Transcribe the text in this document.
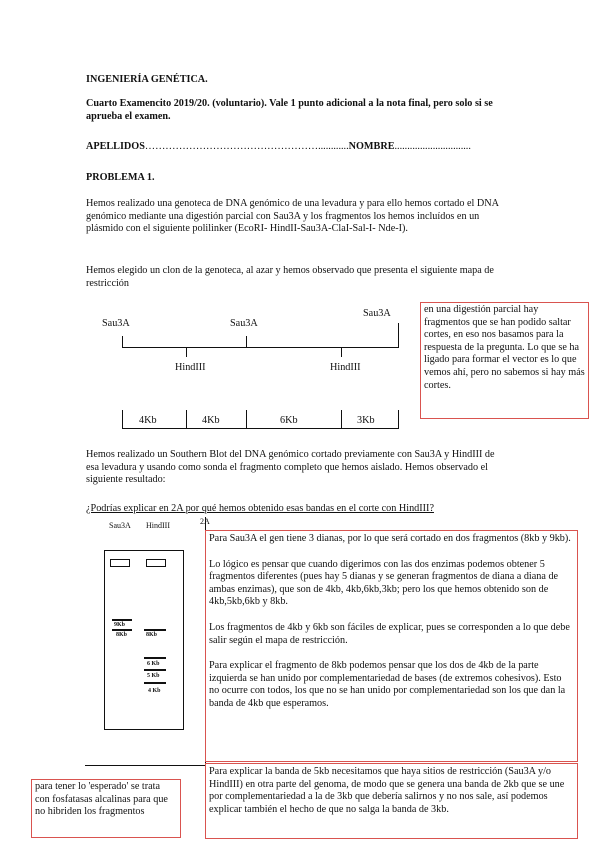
INGENIERÍA GENÉTICA.
Cuarto Examencito 2019/20. (voluntario). Vale 1 punto adicional a la nota final, pero solo si se aprueba el examen.
APELLIDOS……………………………………………............NOMBRE..............................
PROBLEMA 1.
Hemos realizado una genoteca de DNA genómico de una levadura y para ello hemos cortado el DNA genómico mediante una digestión parcial con Sau3A y los fragmentos los hemos incluídos en un plásmido con el siguiente polilinker (EcoRI- HindII-Sau3A-ClaI-Sal-I- Nde-I).
Hemos elegido un clon de la genoteca, al azar y hemos observado que presenta el siguiente mapa de restricción
Sau3A	Sau3A
Sau3A
HindIII	HindIII
4Kb	4Kb	6Kb	3Kb
en una digestión parcial hay fragmentos que se han podido saltar cortes, en eso nos basamos para la respuesta de la pregunta. Lo que se ha ligado para formar el vector es lo que vemos ahí, pero no sabemos si hay más cortes.
Hemos realizado un Southern Blot del DNA genómico cortado previamente con Sau3A y HindIII de esa levadura y usando como sonda el fragmento completo que hemos aislado. Hemos observado el siguiente resultado:
¿Podrías explicar en 2A por qué hemos obtenido esas bandas en el corte con HindIII?
Sau3A HindIII	2A
9Kb
8Kb	8Kb
6 Kb
5 Kb
4 Kb
Para Sau3A el gen tiene 3 dianas, por lo que será cortado en dos fragmentos (8kb y 9kb).
Lo lógico es pensar que cuando digerimos con las dos enzimas podemos obtener 5 fragmentos diferentes (pues hay 5 dianas y se generan fragmentos de diana a diana de ambas enzimas), que son de 4kb, 4kb,6kb,3kb; pero los que hemos obtenido son de 4kb,5kb,6kb y 8kb.
Los fragmentos de 4kb y 6kb son fáciles de explicar, pues se corresponden a lo que debe salir según el mapa de restricción.
Para explicar el fragmento de 8kb podemos pensar que los dos de 4kb de la parte izquierda se han unido por complementariedad de bases (de extremos cohesivos). Esto no ocurre con todos, los que no se han unido por complementariedad son los que dan la banda de 4kb que esperamos.
Para explicar la banda de 5kb necesitamos que haya sitios de restricción (Sau3A y/o HindIII) en otra parte del genoma, de modo que se genera una banda de 2kb que se une por complementariedad a la de 3kb que debería salirnos y no nos sale, así podemos explicar también el hecho de que no salga la banda de 3kb.
para tener lo 'esperado' se trata con fosfatasas alcalinas para que no hibriden los fragmentos
